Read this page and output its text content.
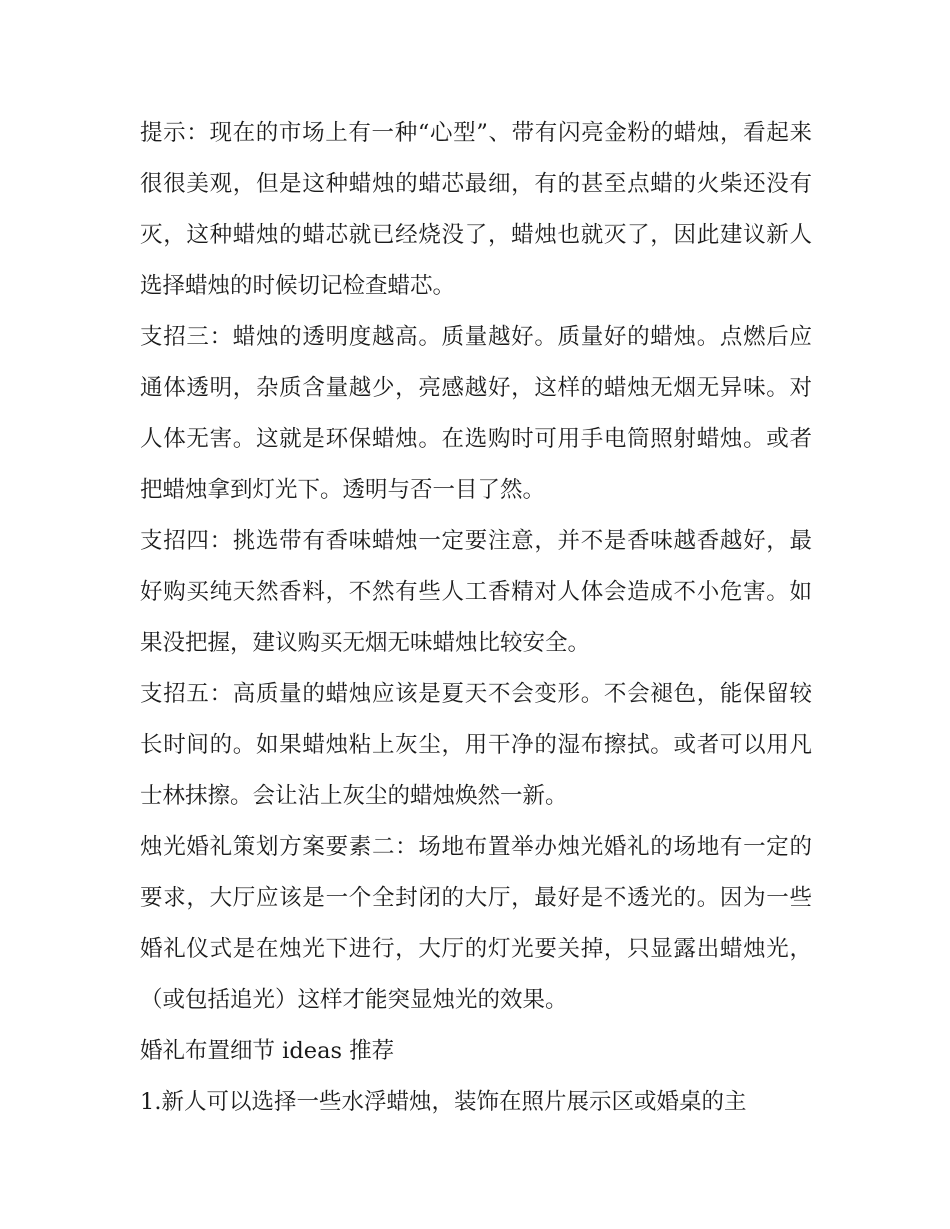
提示：现在的市场上有一种“心型”、带有闪亮金粉的蜡烛，看起来很很美观，但是这种蜡烛的蜡芯最细，有的甚至点蜡的火柴还没有灭，这种蜡烛的蜡芯就已经烧没了，蜡烛也就灭了，因此建议新人选择蜡烛的时候切记检查蜡芯。

支招三：蜡烛的透明度越高。质量越好。质量好的蜡烛。点燃后应通体透明，杂质含量越少，亮感越好，这样的蜡烛无烟无异味。对人体无害。这就是环保蜡烛。在选购时可用手电筒照射蜡烛。或者把蜡烛拿到灯光下。透明与否一目了然。

支招四：挑选带有香味蜡烛一定要注意，并不是香味越香越好，最好购买纯天然香料，不然有些人工香精对人体会造成不小危害。如果没把握，建议购买无烟无味蜡烛比较安全。

支招五：高质量的蜡烛应该是夏天不会变形。不会褪色，能保留较长时间的。如果蜡烛粘上灰尘，用干净的湿布擦拭。或者可以用凡士林抹擦。会让沾上灰尘的蜡烛焕然一新。

烛光婚礼策划方案要素二：场地布置举办烛光婚礼的场地有一定的要求，大厅应该是一个全封闭的大厅，最好是不透光的。因为一些婚礼仪式是在烛光下进行，大厅的灯光要关掉，只显露出蜡烛光，（或包括追光）这样才能突显烛光的效果。

婚礼布置细节 ideas 推荐

1.新人可以选择一些水浮蜡烛，装饰在照片展示区或婚桌的主
